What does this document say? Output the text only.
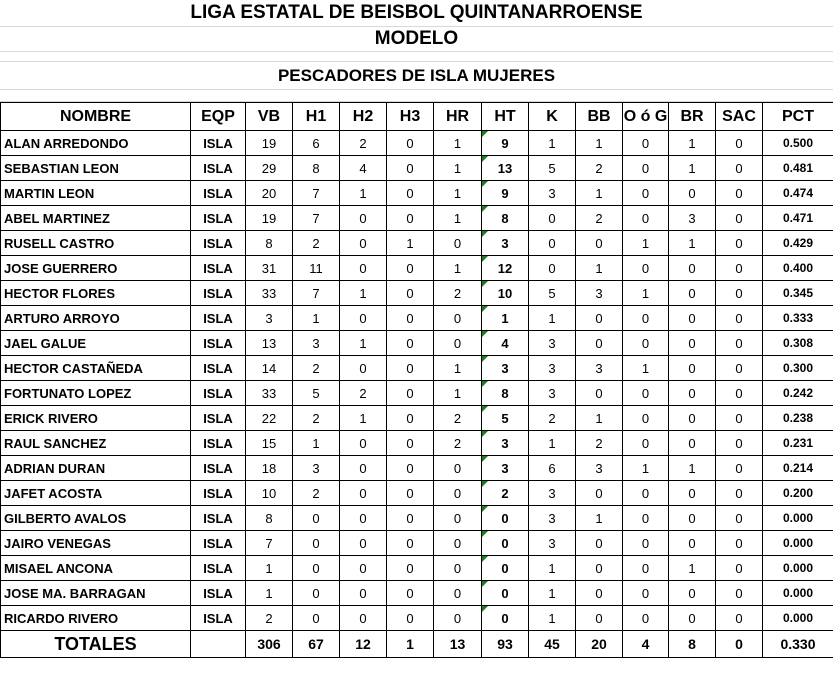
LIGA ESTATAL DE BEISBOL QUINTANARROENSE
MODELO
PESCADORES DE ISLA MUJERES
NOMBRE	EQP	VB	H1	H2	H3	HR	HT	K	BB	O ó G	BR	SAC	PCT
ALAN ARREDONDO	ISLA	19	6	2	0	1	9	1	1	0	1	0	0.500
SEBASTIAN LEON	ISLA	29	8	4	0	1	13	5	2	0	1	0	0.481
MARTIN LEON	ISLA	20	7	1	0	1	9	3	1	0	0	0	0.474
ABEL MARTINEZ	ISLA	19	7	0	0	1	8	0	2	0	3	0	0.471
RUSELL CASTRO	ISLA	8	2	0	1	0	3	0	0	1	1	0	0.429
JOSE GUERRERO	ISLA	31	11	0	0	1	12	0	1	0	0	0	0.400
HECTOR FLORES	ISLA	33	7	1	0	2	10	5	3	1	0	0	0.345
ARTURO ARROYO	ISLA	3	1	0	0	0	1	1	0	0	0	0	0.333
JAEL GALUE	ISLA	13	3	1	0	0	4	3	0	0	0	0	0.308
HECTOR CASTAÑEDA	ISLA	14	2	0	0	1	3	3	3	1	0	0	0.300
FORTUNATO LOPEZ	ISLA	33	5	2	0	1	8	3	0	0	0	0	0.242
ERICK RIVERO	ISLA	22	2	1	0	2	5	2	1	0	0	0	0.238
RAUL SANCHEZ	ISLA	15	1	0	0	2	3	1	2	0	0	0	0.231
ADRIAN DURAN	ISLA	18	3	0	0	0	3	6	3	1	1	0	0.214
JAFET ACOSTA	ISLA	10	2	0	0	0	2	3	0	0	0	0	0.200
GILBERTO AVALOS	ISLA	8	0	0	0	0	0	3	1	0	0	0	0.000
JAIRO VENEGAS	ISLA	7	0	0	0	0	0	3	0	0	0	0	0.000
MISAEL ANCONA	ISLA	1	0	0	0	0	0	1	0	0	1	0	0.000
JOSE MA. BARRAGAN	ISLA	1	0	0	0	0	0	1	0	0	0	0	0.000
RICARDO RIVERO	ISLA	2	0	0	0	0	0	1	0	0	0	0	0.000
TOTALES		306	67	12	1	13	93	45	20	4	8	0	0.330
